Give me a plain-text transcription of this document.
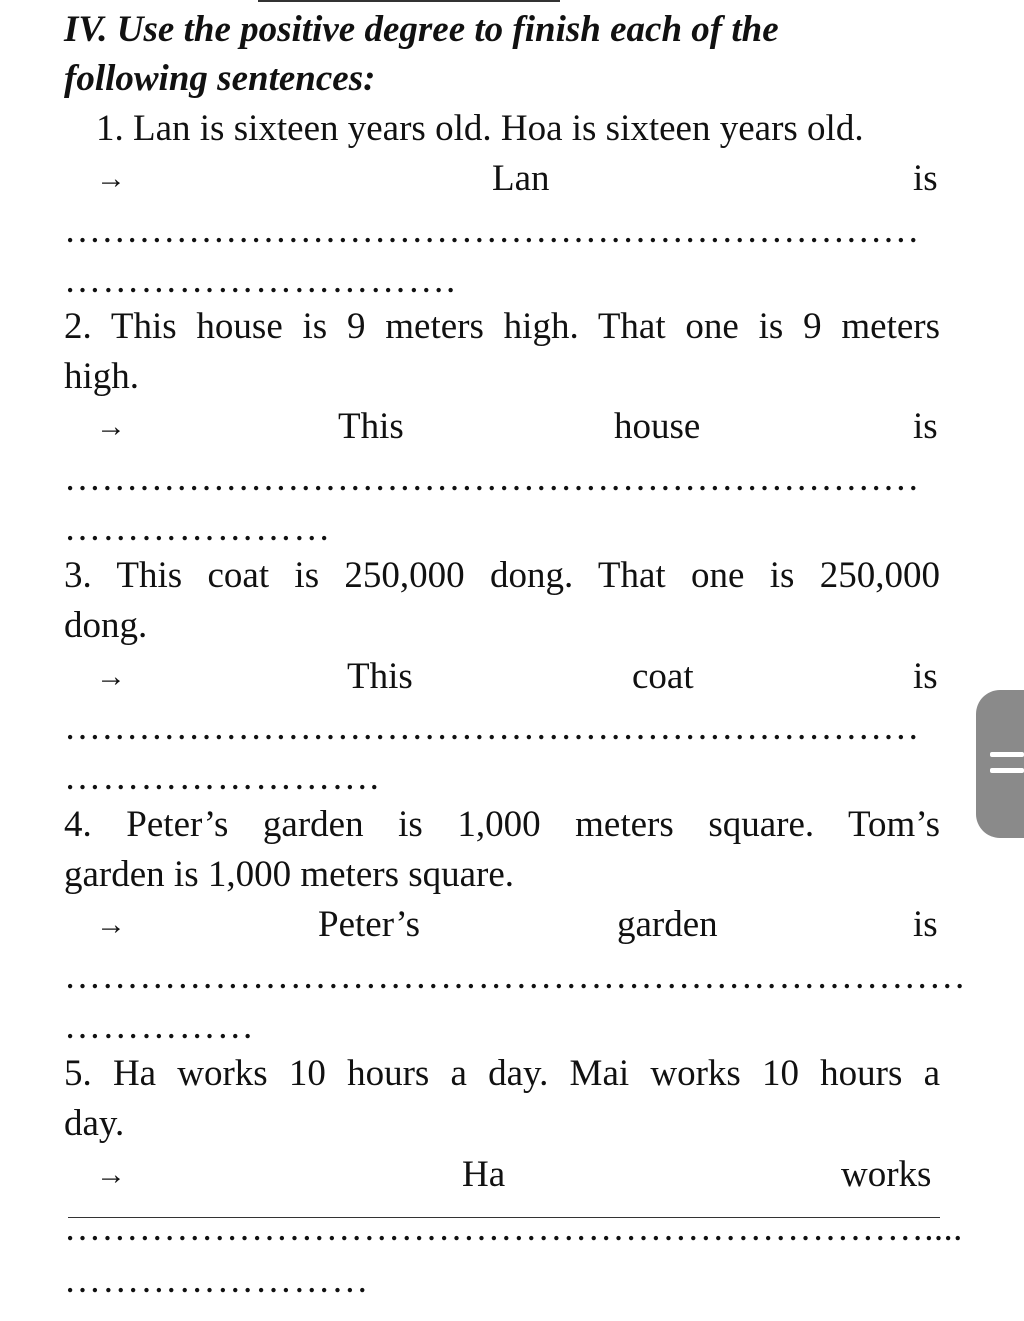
IV. Use the positive degree to finish each of the
following sentences:
1. Lan is sixteen years old. Hoa is sixteen years old.
→	Lan	is
……………………………………………………………
………………………….
2. This house is 9 meters high. That one is 9 meters
high.
→	This	house	is
……………………………………………………………
…………………
3. This coat is 250,000 dong. That one is 250,000
dong.
→	This	coat	is
……………………………………………………………
…………………….
4. Peter’s garden is 1,000 meters square. Tom’s
garden is 1,000 meters square.
→	Peter’s	garden	is
………………………………………………………………
……………
5. Ha works 10 hours a day. Mai works 10 hours a
day.
→	Ha	works
……………………………………………………………....
……………………
